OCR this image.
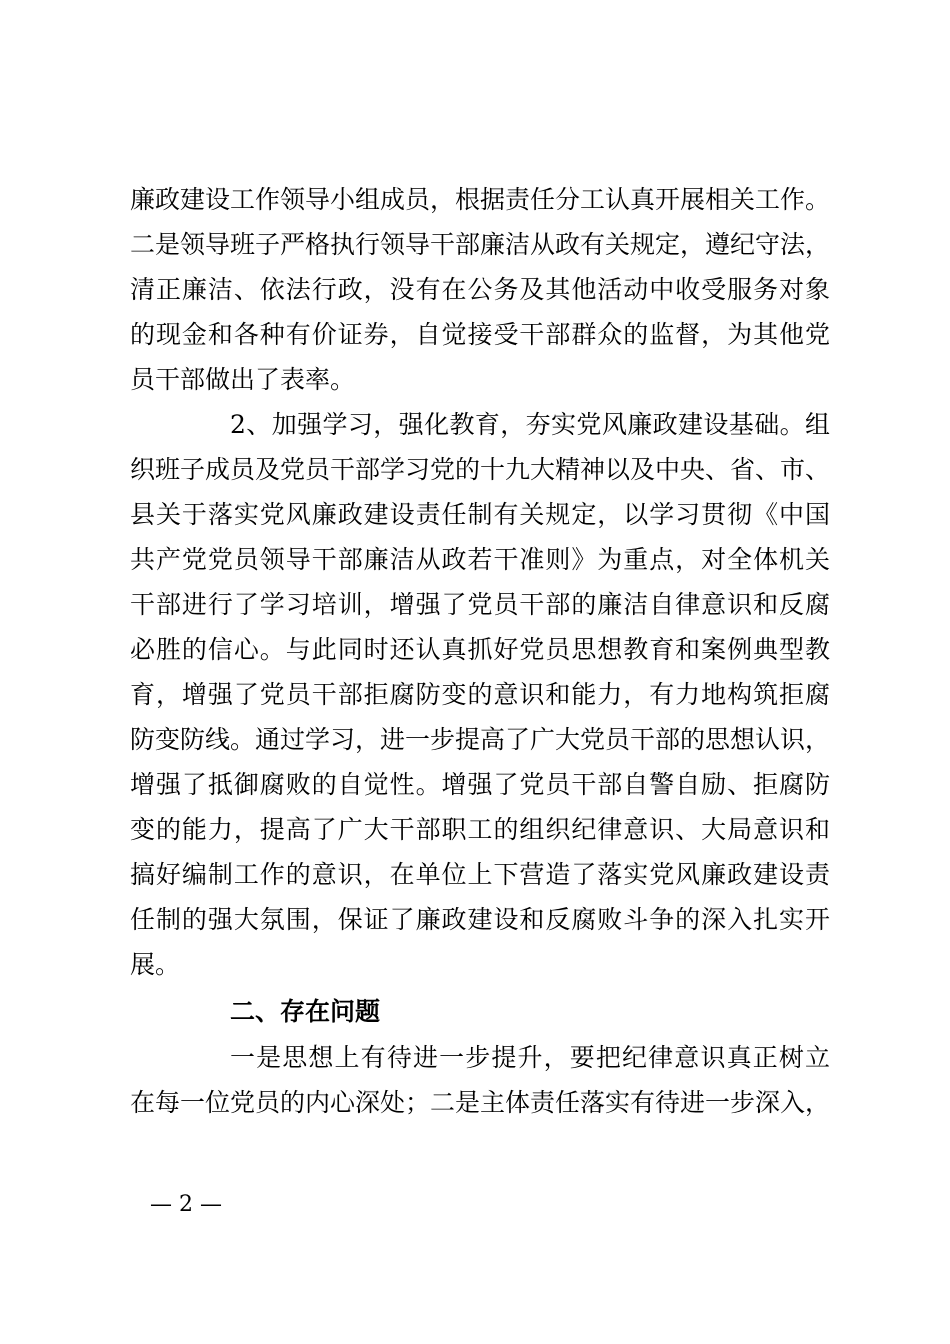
廉政建设工作领导小组成员，根据责任分工认真开展相关工作。
二是领导班子严格执行领导干部廉洁从政有关规定，遵纪守法，
清正廉洁、依法行政，没有在公务及其他活动中收受服务对象
的现金和各种有价证券，自觉接受干部群众的监督，为其他党
员干部做出了表率。
2、加强学习，强化教育，夯实党风廉政建设基础。组
织班子成员及党员干部学习党的十九大精神以及中央、省、市、
县关于落实党风廉政建设责任制有关规定，以学习贯彻《中国
共产党党员领导干部廉洁从政若干准则》为重点，对全体机关
干部进行了学习培训，增强了党员干部的廉洁自律意识和反腐
必胜的信心。与此同时还认真抓好党员思想教育和案例典型教
育，增强了党员干部拒腐防变的意识和能力，有力地构筑拒腐
防变防线。通过学习，进一步提高了广大党员干部的思想认识，
增强了抵御腐败的自觉性。增强了党员干部自警自励、拒腐防
变的能力，提高了广大干部职工的组织纪律意识、大局意识和
搞好编制工作的意识，在单位上下营造了落实党风廉政建设责
任制的强大氛围，保证了廉政建设和反腐败斗争的深入扎实开
展。
二、存在问题
一是思想上有待进一步提升，要把纪律意识真正树立
在每一位党员的内心深处；二是主体责任落实有待进一步深入，
— 2 —
